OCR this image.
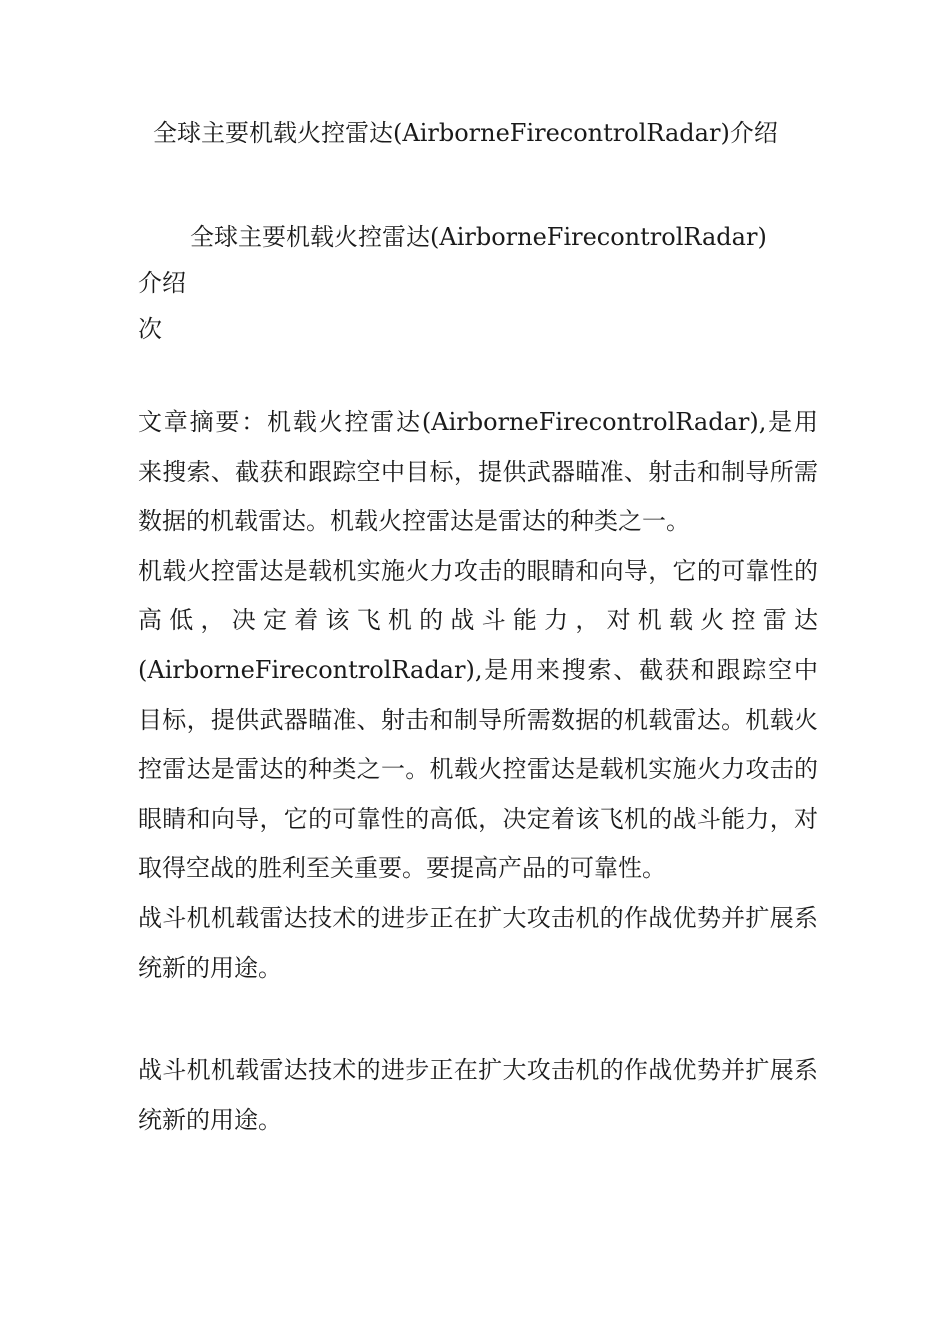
全球主要机载火控雷达(AirborneFirecontrolRadar)介绍
全球主要机载火控雷达(AirborneFirecontrolRadar)介绍
次

文章摘要：机载火控雷达(AirborneFirecontrolRadar),是用来搜索、截获和跟踪空中目标，提供武器瞄准、射击和制导所需数据的机载雷达。机载火控雷达是雷达的种类之一。

机载火控雷达是载机实施火力攻击的眼睛和向导，它的可靠性的高低，决定着该飞机的战斗能力，对机载火控雷达(AirborneFirecontrolRadar),是用来搜索、截获和跟踪空中目标，提供武器瞄准、射击和制导所需数据的机载雷达。机载火控雷达是雷达的种类之一。机载火控雷达是载机实施火力攻击的眼睛和向导，它的可靠性的高低，决定着该飞机的战斗能力，对取得空战的胜利至关重要。要提高产品的可靠性。

战斗机机载雷达技术的进步正在扩大攻击机的作战优势并扩展系统新的用途。

战斗机机载雷达技术的进步正在扩大攻击机的作战优势并扩展系统新的用途。
